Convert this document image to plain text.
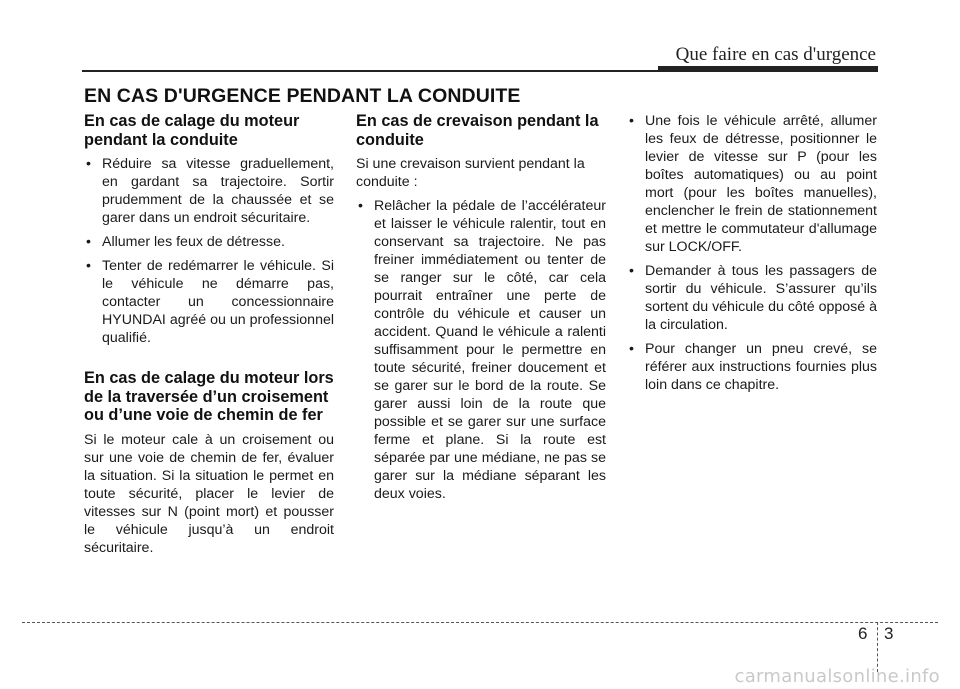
Que faire en cas d'urgence
EN CAS D'URGENCE PENDANT LA CONDUITE
En cas de calage du moteur pendant la conduite
• Réduire sa vitesse graduellement, en gardant sa trajectoire. Sortir prudemment de la chaussée et se garer dans un endroit sécuritaire.
• Allumer les feux de détresse.
• Tenter de redémarrer le véhicule. Si le véhicule ne démarre pas, contacter un concessionnaire HYUNDAI agréé ou un professionnel qualifié.
En cas de calage du moteur lors de la traversée d’un croisement ou d’une voie de chemin de fer

Si le moteur cale à un croisement ou sur une voie de chemin de fer, évaluer la situation. Si la situation le permet en toute sécurité, placer le levier de vitesses sur N (point mort) et pousser le véhicule jusqu’à un endroit sécuritaire.

En cas de crevaison pendant la conduite

Si une crevaison survient pendant la conduite :

• Relâcher la pédale de l’accélérateur et laisser le véhicule ralentir, tout en conservant sa trajectoire. Ne pas freiner immédiatement ou tenter de se ranger sur le côté, car cela pourrait entraîner une perte de contrôle du véhicule et causer un accident. Quand le véhicule a ralenti suffisamment pour le permettre en toute sécurité, freiner doucement et se garer sur le bord de la route. Se garer aussi loin de la route que possible et se garer sur une surface ferme et plane. Si la route est séparée par une médiane, ne pas se garer sur la médiane séparant les deux voies.
• Une fois le véhicule arrêté, allumer les feux de détresse, positionner le levier de vitesse sur P (pour les boîtes automatiques) ou au point mort (pour les boîtes manuelles), enclencher le frein de stationnement et mettre le commutateur d'allumage sur LOCK/OFF.
• Demander à tous les passagers de sortir du véhicule. S’assurer qu’ils sortent du véhicule du côté opposé à la circulation.
• Pour changer un pneu crevé, se référer aux instructions fournies plus loin dans ce chapitre.
6 3
carmanualsonline.info
